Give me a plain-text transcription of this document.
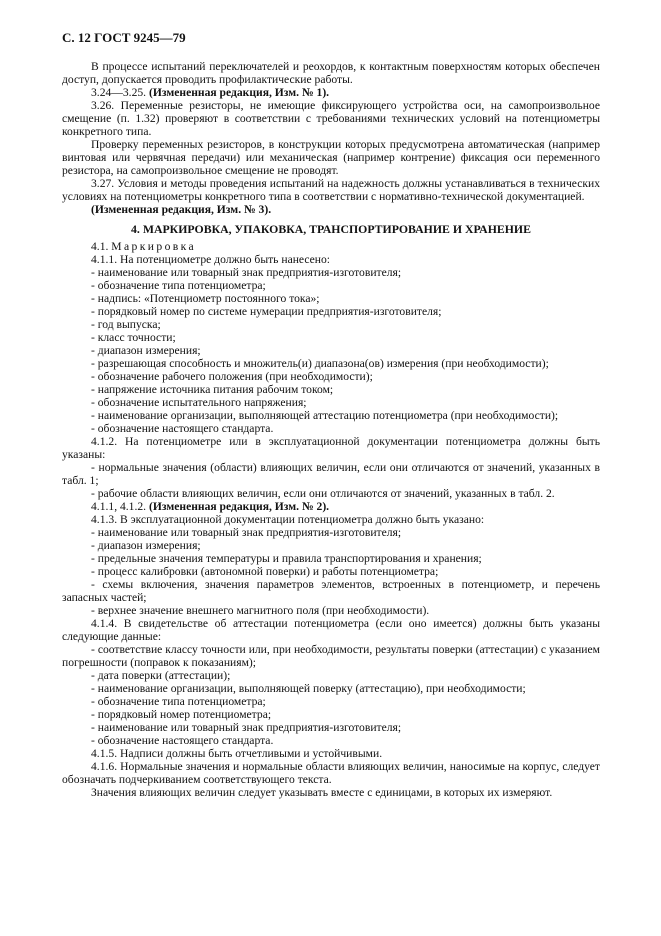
С. 12 ГОСТ 9245—79

В процессе испытаний переключателей и реохордов, к контактным поверхностям которых обеспечен доступ, допускается проводить профилактические работы.

3.24—3.25. (Измененная редакция, Изм. № 1).

3.26. Переменные резисторы, не имеющие фиксирующего устройства оси, на самопроизвольное смещение (п. 1.32) проверяют в соответствии с требованиями технических условий на потенциометры конкретного типа.

Проверку переменных резисторов, в конструкции которых предусмотрена автоматическая (например винтовая или червячная передачи) или механическая (например контрение) фиксация оси переменного резистора, на самопроизвольное смещение не проводят.

3.27. Условия и методы проведения испытаний на надежность должны устанавливаться в технических условиях на потенциометры конкретного типа в соответствии с нормативно-технической документацией.

(Измененная редакция, Изм. № 3).

4. МАРКИРОВКА, УПАКОВКА, ТРАНСПОРТИРОВАНИЕ И ХРАНЕНИЕ

4.1. Маркировка

4.1.1. На потенциометре должно быть нанесено:

- наименование или товарный знак предприятия-изготовителя;

- обозначение типа потенциометра;

- надпись: «Потенциометр постоянного тока»;

- порядковый номер по системе нумерации предприятия-изготовителя;

- год выпуска;

- класс точности;

- диапазон измерения;

- разрешающая способность и множитель(и) диапазона(ов) измерения (при необходимости);

- обозначение рабочего положения (при необходимости);

- напряжение источника питания рабочим током;

- обозначение испытательного напряжения;

- наименование организации, выполняющей аттестацию потенциометра (при необходимости);

- обозначение настоящего стандарта.

4.1.2. На потенциометре или в эксплуатационной документации потенциометра должны быть указаны:

- нормальные значения (области) влияющих величин, если они отличаются от значений, указанных в табл. 1;

- рабочие области влияющих величин, если они отличаются от значений, указанных в табл. 2.

4.1.1, 4.1.2. (Измененная редакция, Изм. № 2).

4.1.3. В эксплуатационной документации потенциометра должно быть указано:

- наименование или товарный знак предприятия-изготовителя;

- диапазон измерения;

- предельные значения температуры и правила транспортирования и хранения;

- процесс калибровки (автономной поверки) и работы потенциометра;

- схемы включения, значения параметров элементов, встроенных в потенциометр, и перечень запасных частей;

- верхнее значение внешнего магнитного поля (при необходимости).

4.1.4. В свидетельстве об аттестации потенциометра (если оно имеется) должны быть указаны следующие данные:

- соответствие классу точности или, при необходимости, результаты поверки (аттестации) с указанием погрешности (поправок к показаниям);

- дата поверки (аттестации);

- наименование организации, выполняющей поверку (аттестацию), при необходимости;

- обозначение типа потенциометра;

- порядковый номер потенциометра;

- наименование или товарный знак предприятия-изготовителя;

- обозначение настоящего стандарта.

4.1.5. Надписи должны быть отчетливыми и устойчивыми.

4.1.6. Нормальные значения и нормальные области влияющих величин, наносимые на корпус, следует обозначать подчеркиванием соответствующего текста.

Значения влияющих величин следует указывать вместе с единицами, в которых их измеряют.
